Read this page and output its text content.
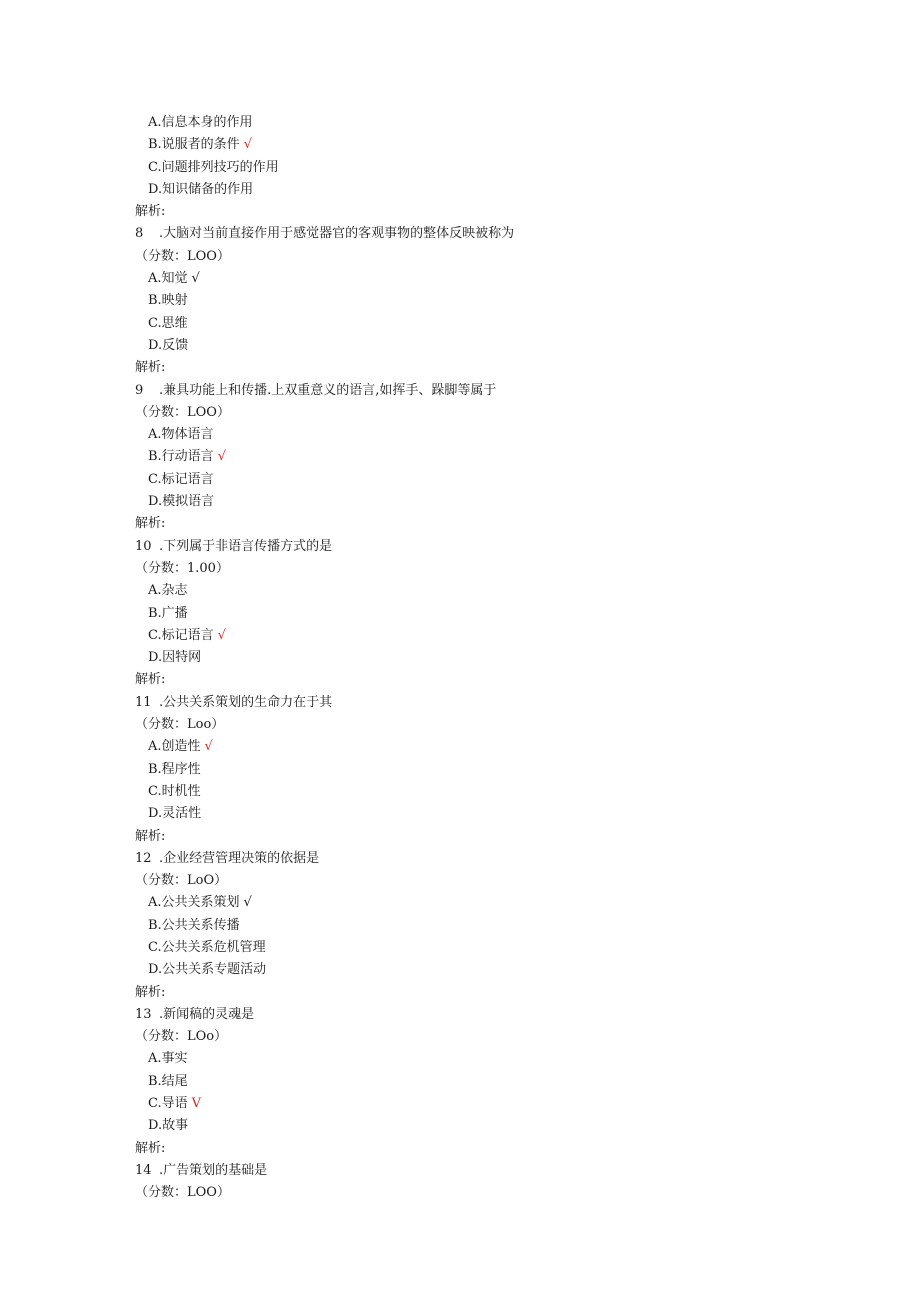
A.信息本身的作用
B.说服者的条件 √
C.问题排列技巧的作用
D.知识储备的作用
解析:
8 .大脑对当前直接作用于感觉器官的客观事物的整体反映被称为
（分数：LOO）
A.知觉 √
B.映射
C.思维
D.反馈
解析:
9 .兼具功能上和传播.上双重意义的语言,如挥手、跺脚等属于
（分数：LOO）
A.物体语言
B.行动语言 √
C.标记语言
D.模拟语言
解析:
10 .下列属于非语言传播方式的是
（分数：1.00）
A.杂志
B.广播
C.标记语言 √
D.因特网
解析:
11 .公共关系策划的生命力在于其
（分数：Loo）
A.创造性 √
B.程序性
C.时机性
D.灵活性
解析:
12 .企业经营管理决策的依据是
（分数：LoO）
A.公共关系策划 √
B.公共关系传播
C.公共关系危机管理
D.公共关系专题活动
解析:
13 .新闻稿的灵魂是
（分数：LOo）
A.事实
B.结尾
C.导语 V
D.故事
解析:
14 .广告策划的基础是
（分数：LOO）
